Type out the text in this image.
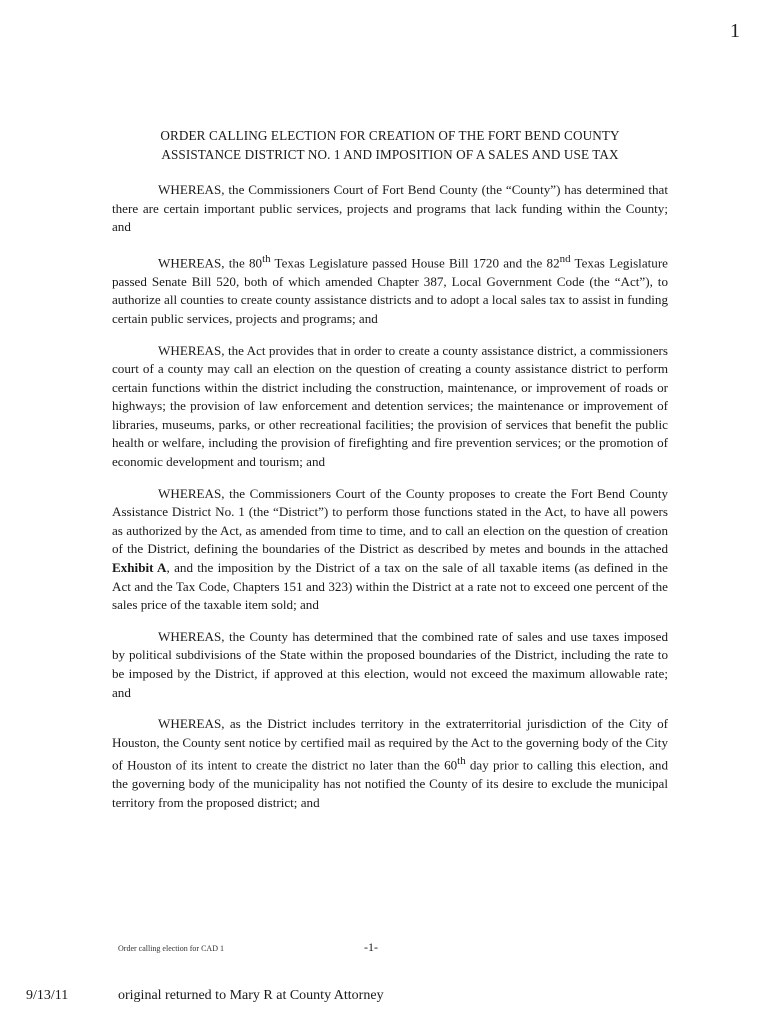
1
ORDER CALLING ELECTION FOR CREATION OF THE FORT BEND COUNTY
ASSISTANCE DISTRICT NO. 1 AND IMPOSITION OF A SALES AND USE TAX

WHEREAS, the Commissioners Court of Fort Bend County (the “County”) has determined that there are certain important public services, projects and programs that lack funding within the County; and

WHEREAS, the 80th Texas Legislature passed House Bill 1720 and the 82nd Texas Legislature passed Senate Bill 520, both of which amended Chapter 387, Local Government Code (the “Act”), to authorize all counties to create county assistance districts and to adopt a local sales tax to assist in funding certain public services, projects and programs; and

WHEREAS, the Act provides that in order to create a county assistance district, a commissioners court of a county may call an election on the question of creating a county assistance district to perform certain functions within the district including the construction, maintenance, or improvement of roads or highways; the provision of law enforcement and detention services; the maintenance or improvement of libraries, museums, parks, or other recreational facilities; the provision of services that benefit the public health or welfare, including the provision of firefighting and fire prevention services; or the promotion of economic development and tourism; and

WHEREAS, the Commissioners Court of the County proposes to create the Fort Bend County Assistance District No. 1 (the “District”) to perform those functions stated in the Act, to have all powers as authorized by the Act, as amended from time to time, and to call an election on the question of creation of the District, defining the boundaries of the District as described by metes and bounds in the attached Exhibit A, and the imposition by the District of a tax on the sale of all taxable items (as defined in the Act and the Tax Code, Chapters 151 and 323) within the District at a rate not to exceed one percent of the sales price of the taxable item sold; and

WHEREAS, the County has determined that the combined rate of sales and use taxes imposed by political subdivisions of the State within the proposed boundaries of the District, including the rate to be imposed by the District, if approved at this election, would not exceed the maximum allowable rate; and

WHEREAS, as the District includes territory in the extraterritorial jurisdiction of the City of Houston, the County sent notice by certified mail as required by the Act to the governing body of the City of Houston of its intent to create the district no later than the 60th day prior to calling this election, and the governing body of the municipality has not notified the County of its desire to exclude the municipal territory from the proposed district; and

Order calling election for CAD 1	-1-
9/13/11	original returned to Mary R at County Attorney
